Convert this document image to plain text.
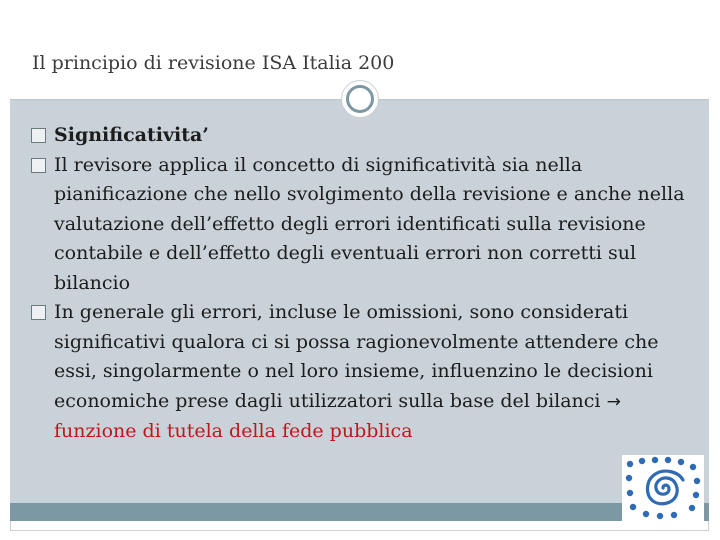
Il principio di revisione ISA Italia 200
Significativita’
Il revisore applica il concetto di significatività sia nella pianificazione che nello svolgimento della revisione e anche nella valutazione dell’effetto degli errori identificati sulla revisione contabile e dell’effetto degli eventuali errori non corretti sul bilancio
In generale gli errori, incluse le omissioni, sono considerati significativi qualora ci si possa ragionevolmente attendere che essi, singolarmente o nel loro insieme, influenzino le decisioni economiche prese dagli utilizzatori sulla base del bilanci → funzione di tutela della fede pubblica
